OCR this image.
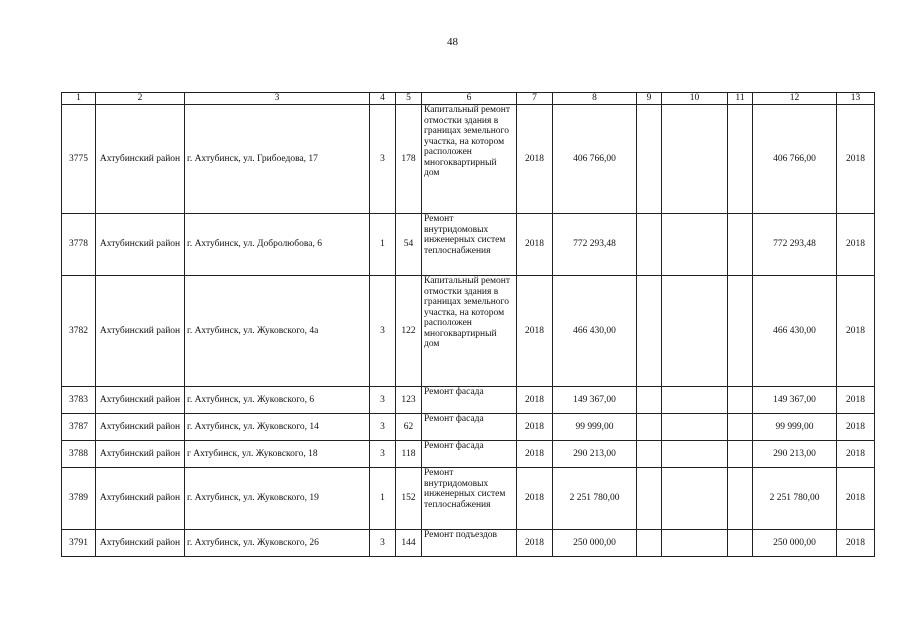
48
1	2	3	4	5	6	7	8	9	10	11	12	13
3775	Ахтубинский район	г. Ахтубинск, ул. Грибоедова, 17	3	178	Капитальный ремонт отмостки здания в границах земельного участка, на котором расположен многоквартирный дом	2018	406 766,00				406 766,00	2018
3778	Ахтубинский район	г. Ахтубинск, ул. Добролюбова, 6	1	54	Ремонт внутридомовых инженерных систем теплоснабжения	2018	772 293,48				772 293,48	2018
3782	Ахтубинский район	г. Ахтубинск, ул. Жуковского, 4а	3	122	Капитальный ремонт отмостки здания в границах земельного участка, на котором расположен многоквартирный дом	2018	466 430,00				466 430,00	2018
3783	Ахтубинский район	г. Ахтубинск, ул. Жуковского, 6	3	123	Ремонт фасада	2018	149 367,00				149 367,00	2018
3787	Ахтубинский район	г. Ахтубинск, ул. Жуковского, 14	3	62	Ремонт фасада	2018	99 999,00				99 999,00	2018
3788	Ахтубинский район	г Ахтубинск, ул. Жуковского, 18	3	118	Ремонт фасада	2018	290 213,00				290 213,00	2018
3789	Ахтубинский район	г. Ахтубинск, ул. Жуковского, 19	1	152	Ремонт внутридомовых инженерных систем теплоснабжения	2018	2 251 780,00				2 251 780,00	2018
3791	Ахтубинский район	г. Ахтубинск, ул. Жуковского, 26	3	144	Ремонт подъездов	2018	250 000,00				250 000,00	2018
